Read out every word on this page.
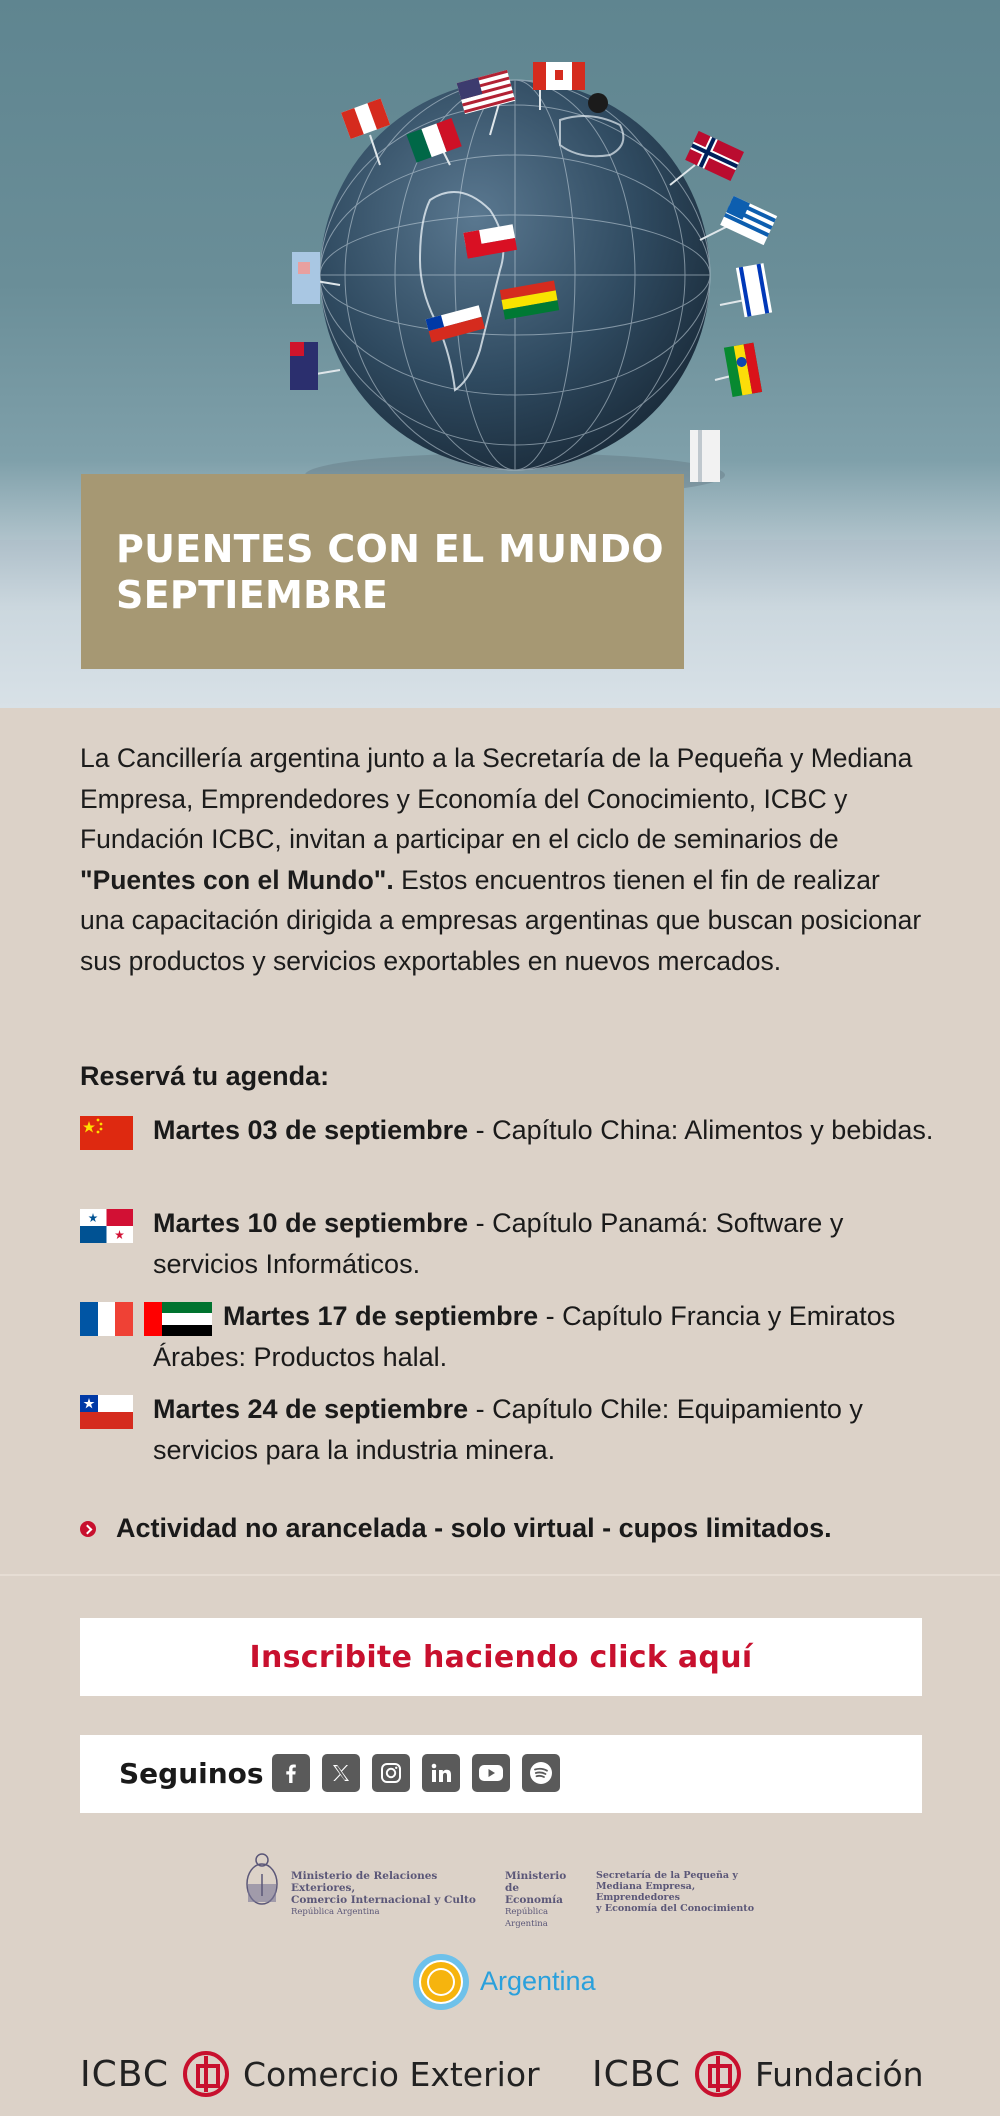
PUENTES CON EL MUNDO
SEPTIEMBRE

La Cancillería argentina junto a la Secretaría de la Pequeña y Mediana Empresa, Emprendedores y Economía del Conocimiento, ICBC y Fundación ICBC, invitan a participar en el ciclo de seminarios de "Puentes con el Mundo". Estos encuentros tienen el fin de realizar una capacitación dirigida a empresas argentinas que buscan posicionar sus productos y servicios exportables en nuevos mercados.

Reservá tu agenda:
Martes 03 de septiembre - Capítulo China: Alimentos y bebidas.
Martes 10 de septiembre - Capítulo Panamá: Software y servicios Informáticos.
Martes 17 de septiembre - Capítulo Francia y Emiratos Árabes: Productos halal.
Martes 24 de septiembre - Capítulo Chile: Equipamiento y servicios para la industria minera.
Actividad no arancelada - solo virtual - cupos limitados.
Inscribite haciendo click aquí
Seguinos
Ministerio de Relaciones Exteriores,
Comercio Internacional y Culto
República Argentina
Ministerio
de Economía
República Argentina
Secretaría de la Pequeña y
Mediana Empresa, Emprendedores
y Economía del Conocimiento
Argentina
ICBC Comercio Exterior ICBC Fundación
